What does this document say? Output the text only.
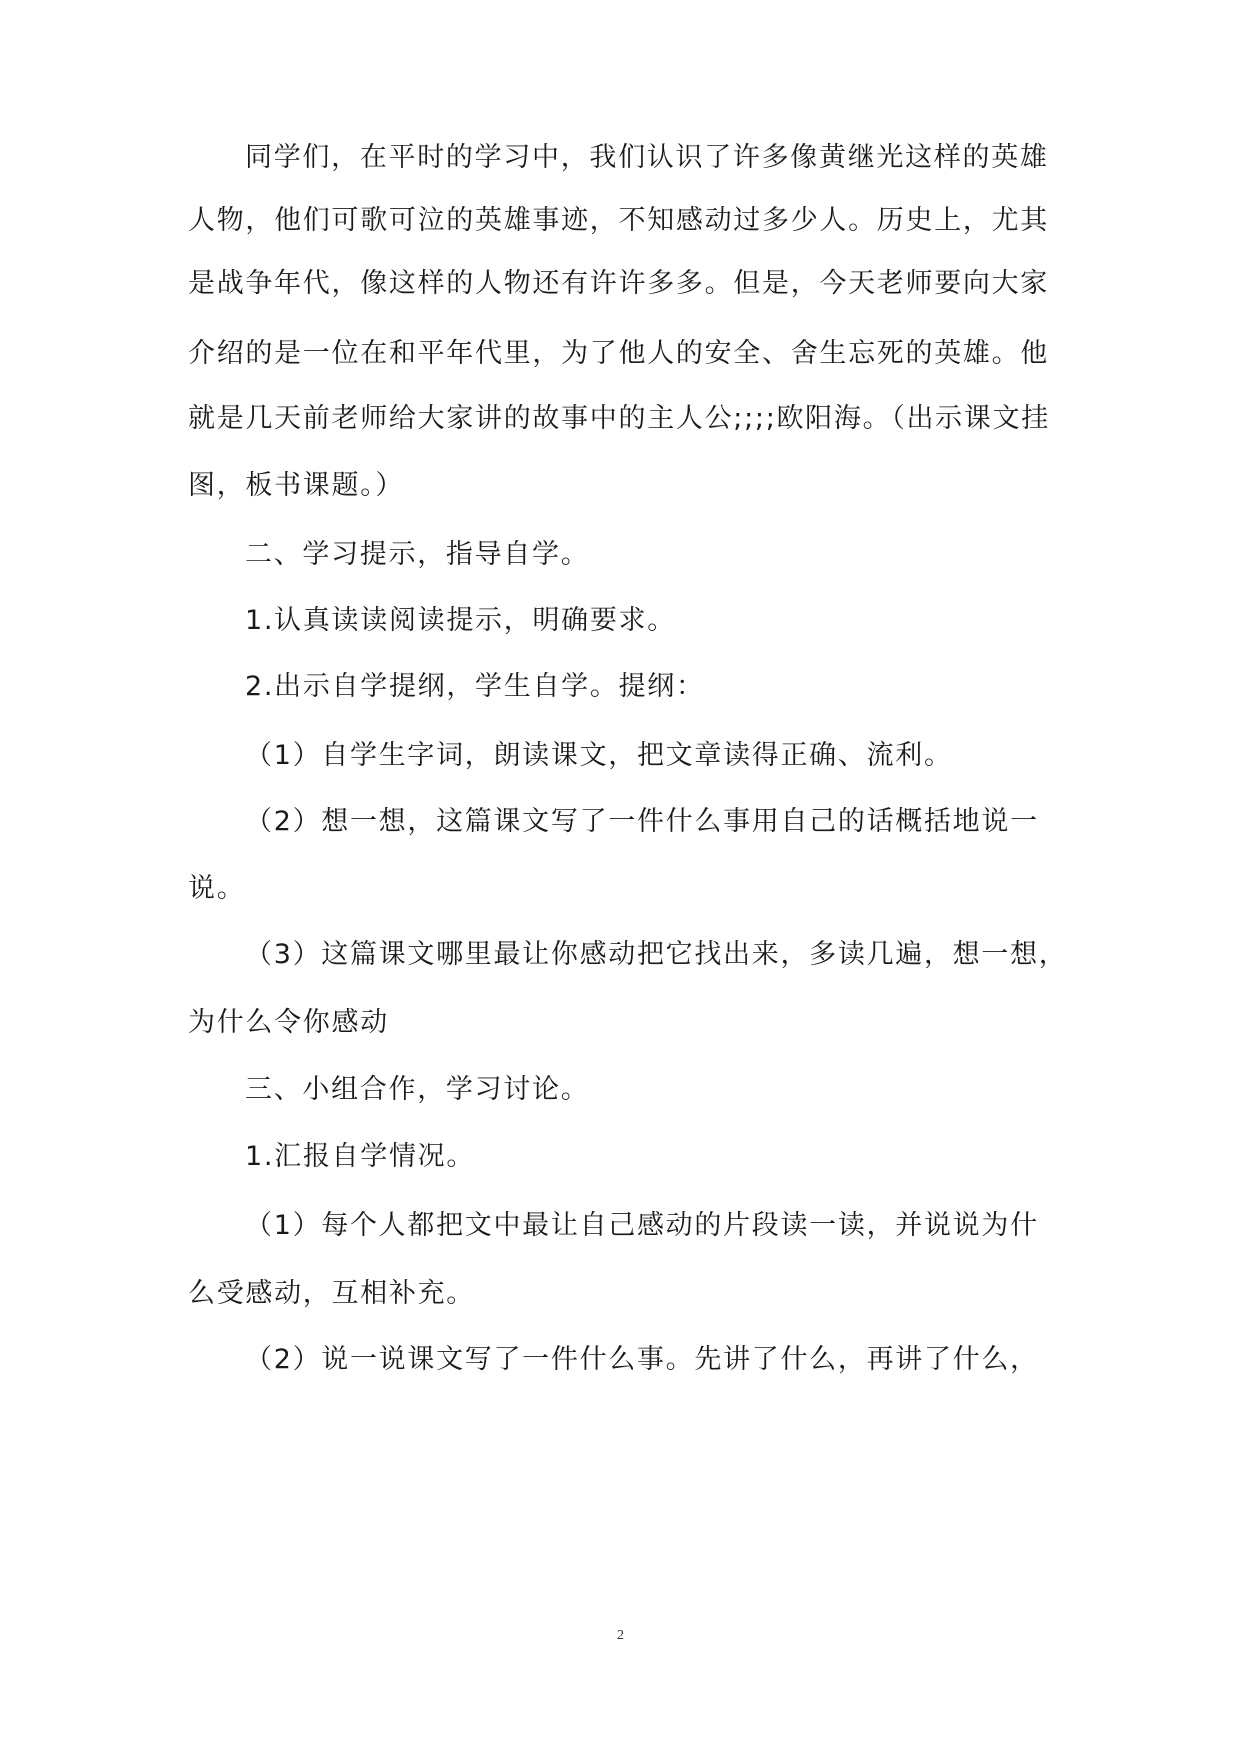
同学们，在平时的学习中，我们认识了许多像黄继光这样的英雄
人物，他们可歌可泣的英雄事迹，不知感动过多少人。历史上，尤其
是战争年代，像这样的人物还有许许多多。但是，今天老师要向大家
介绍的是一位在和平年代里，为了他人的安全、舍生忘死的英雄。他
就是几天前老师给大家讲的故事中的主人公;;;;欧阳海。（出示课文挂
图，板书课题。）
二、学习提示，指导自学。
1.认真读读阅读提示，明确要求。
2.出示自学提纲，学生自学。提纲：
（1）自学生字词，朗读课文，把文章读得正确、流利。
（2）想一想，这篇课文写了一件什么事用自己的话概括地说一
说。
（3）这篇课文哪里最让你感动把它找出来，多读几遍，想一想，
为什么令你感动
三、小组合作，学习讨论。
1.汇报自学情况。
（1）每个人都把文中最让自己感动的片段读一读，并说说为什
么受感动，互相补充。
（2）说一说课文写了一件什么事。先讲了什么，再讲了什么，
2
